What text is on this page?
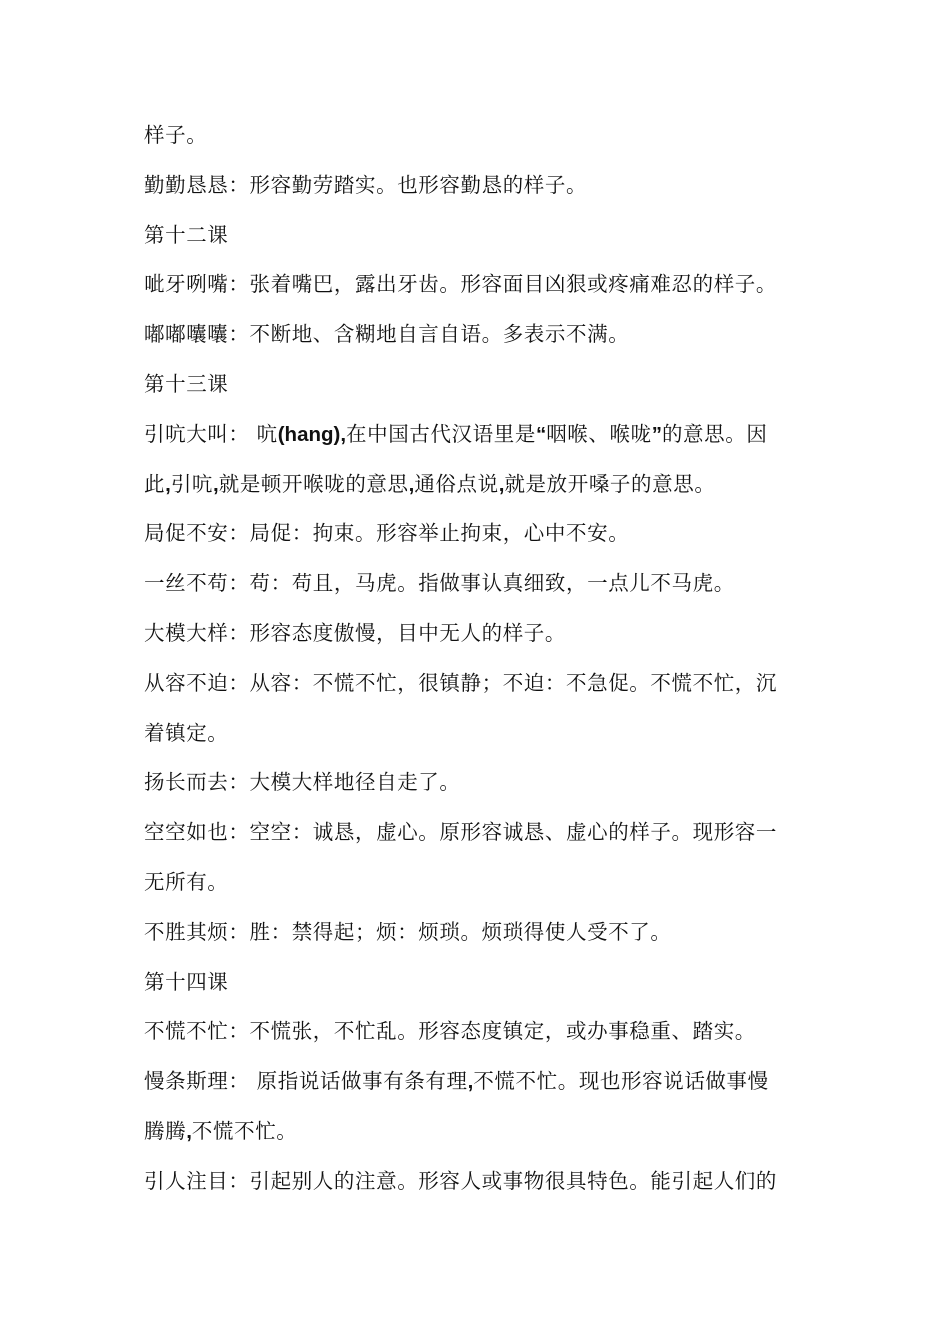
样子。
勤勤恳恳：形容勤劳踏实。也形容勤恳的样子。
第十二课
呲牙咧嘴：张着嘴巴，露出牙齿。形容面目凶狠或疼痛难忍的样子。
嘟嘟囔囔：不断地、含糊地自言自语。多表示不满。
第十三课
引吭大叫： 吭(hang),在中国古代汉语里是“咽喉、喉咙”的意思。因
此,引吭,就是顿开喉咙的意思,通俗点说,就是放开嗓子的意思。
局促不安：局促：拘束。形容举止拘束，心中不安。
一丝不苟：苟：苟且，马虎。指做事认真细致，一点儿不马虎。
大模大样：形容态度傲慢，目中无人的样子。
从容不迫：从容：不慌不忙，很镇静；不迫：不急促。不慌不忙，沉
着镇定。
扬长而去：大模大样地径自走了。
空空如也：空空：诚恳，虚心。原形容诚恳、虚心的样子。现形容一
无所有。
不胜其烦：胜：禁得起；烦：烦琐。烦琐得使人受不了。
第十四课
不慌不忙：不慌张，不忙乱。形容态度镇定，或办事稳重、踏实。
慢条斯理： 原指说话做事有条有理,不慌不忙。现也形容说话做事慢
腾腾,不慌不忙。
引人注目：引起别人的注意。形容人或事物很具特色。能引起人们的
